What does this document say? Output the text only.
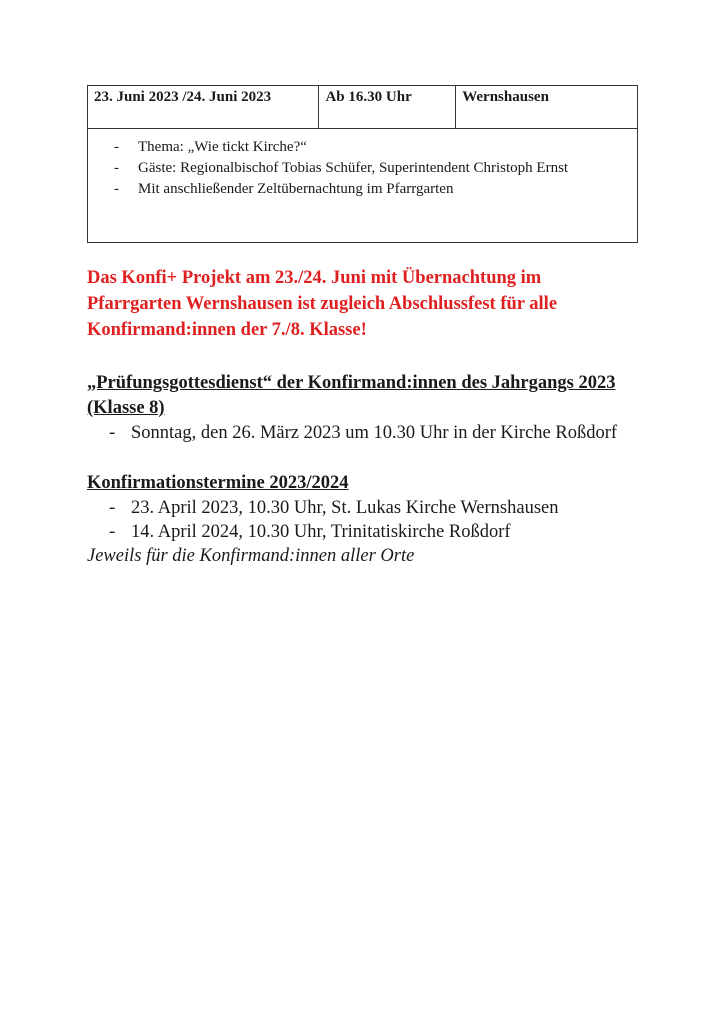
23. Juni 2023 /24. Juni 2023	Ab 16.30 Uhr	Wernshausen

- Thema: „Wie tickt Kirche?“
- Gäste: Regionalbischof Tobias Schüfer, Superintendent Christoph Ernst
- Mit anschließender Zeltübernachtung im Pfarrgarten
Das Konfi+ Projekt am 23./24. Juni mit Übernachtung im Pfarrgarten Wernshausen ist zugleich Abschlussfest für alle Konfirmand:innen der 7./8. Klasse!
„Prüfungsgottesdienst“ der Konfirmand:innen des Jahrgangs 2023 (Klasse 8)
- Sonntag, den 26. März 2023 um 10.30 Uhr in der Kirche Roßdorf
Konfirmationstermine 2023/2024
- 23. April 2023, 10.30 Uhr, St. Lukas Kirche Wernshausen
- 14. April 2024, 10.30 Uhr, Trinitatiskirche Roßdorf
Jeweils für die Konfirmand:innen aller Orte
